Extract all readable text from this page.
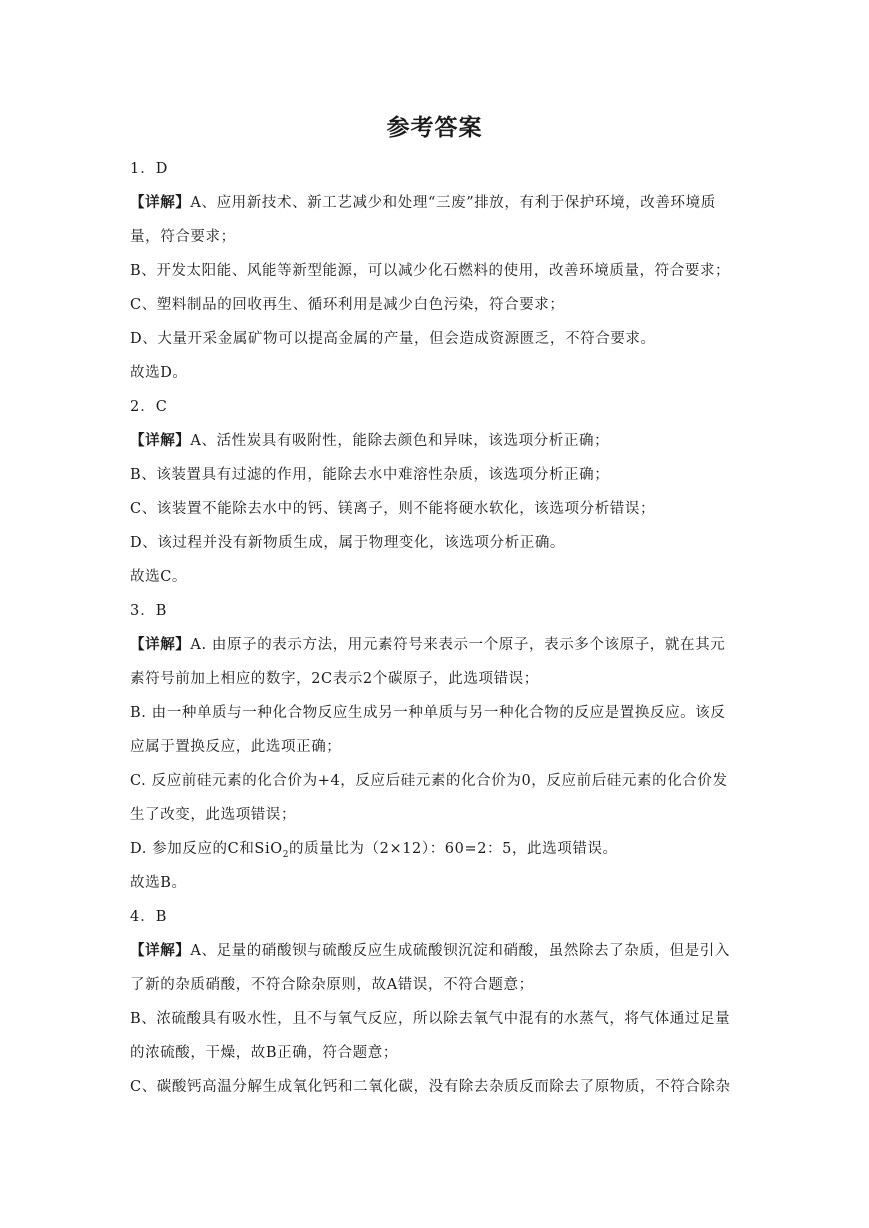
参考答案
1．D
【详解】A、应用新技术、新工艺减少和处理“三废”排放，有利于保护环境，改善环境质
量，符合要求；
B、开发太阳能、风能等新型能源，可以减少化石燃料的使用，改善环境质量，符合要求；
C、塑料制品的回收再生、循环利用是减少白色污染，符合要求；
D、大量开采金属矿物可以提高金属的产量，但会造成资源匮乏，不符合要求。
故选D。
2．C
【详解】A、活性炭具有吸附性，能除去颜色和异味，该选项分析正确；
B、该装置具有过滤的作用，能除去水中难溶性杂质，该选项分析正确；
C、该装置不能除去水中的钙、镁离子，则不能将硬水软化，该选项分析错误；
D、该过程并没有新物质生成，属于物理变化，该选项分析正确。
故选C。
3．B
【详解】A. 由原子的表示方法，用元素符号来表示一个原子，表示多个该原子，就在其元
素符号前加上相应的数字，2C表示2个碳原子，此选项错误；
B. 由一种单质与一种化合物反应生成另一种单质与另一种化合物的反应是置换反应。该反
应属于置换反应，此选项正确；
C. 反应前硅元素的化合价为+4，反应后硅元素的化合价为0，反应前后硅元素的化合价发
生了改变，此选项错误；
D. 参加反应的C和SiO$_2$的质量比为（2×12）：60=2：5，此选项错误。
故选B。
4．B
【详解】A、足量的硝酸钡与硫酸反应生成硫酸钡沉淀和硝酸，虽然除去了杂质，但是引入
了新的杂质硝酸，不符合除杂原则，故A错误，不符合题意；
B、浓硫酸具有吸水性，且不与氧气反应，所以除去氧气中混有的水蒸气，将气体通过足量
的浓硫酸，干燥，故B正确，符合题意；
C、碳酸钙高温分解生成氧化钙和二氧化碳，没有除去杂质反而除去了原物质，不符合除杂
